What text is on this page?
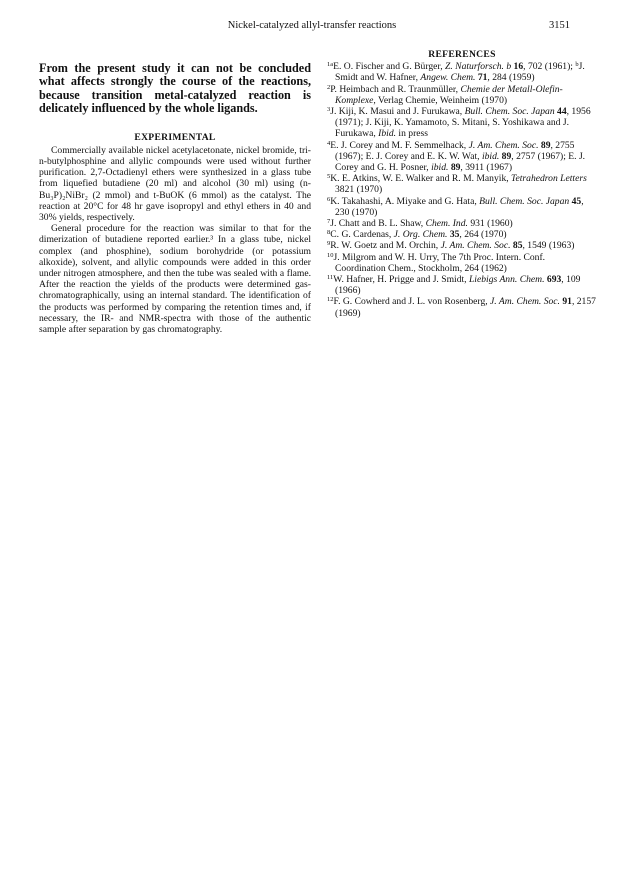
Nickel-catalyzed allyl-transfer reactions	3151

From the present study it can not be concluded what affects strongly the course of the reactions, because transition metal-catalyzed reaction is delicately influenced by the whole ligands.

EXPERIMENTAL

Commercially available nickel acetylacetonate, nickel bromide, tri-n-butylphosphine and allylic compounds were used without further purification. 2,7-Octadienyl ethers were synthesized in a glass tube from liquefied butadiene (20 ml) and alcohol (30 ml) using (n-Bu₃P)₂NiBr₂ (2 mmol) and t-BuOK (6 mmol) as the catalyst. The reaction at 20°C for 48 hr gave isopropyl and ethyl ethers in 40 and 30% yields, respectively.

General procedure for the reaction was similar to that for the dimerization of butadiene reported earlier.³ In a glass tube, nickel complex (and phosphine), sodium borohydride (or potassium alkoxide), solvent, and allylic compounds were added in this order under nitrogen atmosphere, and then the tube was sealed with a flame. After the reaction the yields of the products were determined gas-chromatographically, using an internal standard. The identification of the products was performed by comparing the retention times and, if necessary, the IR- and NMR-spectra with those of the authentic sample after separation by gas chromatography.

REFERENCES
$^{1a}$E. O. Fischer and G. Bürger, Z. Naturforsch. b 16, 702 (1961); $^b$J. Smidt and W. Hafner, Angew. Chem. 71, 284 (1959)
$^2$P. Heimbach and R. Traunmüller, Chemie der Metall-Olefin-Komplexe, Verlag Chemie, Weinheim (1970)
$^3$J. Kiji, K. Masui and J. Furukawa, Bull. Chem. Soc. Japan 44, 1956 (1971); J. Kiji, K. Yamamoto, S. Mitani, S. Yoshikawa and J. Furukawa, Ibid. in press
$^4$E. J. Corey and M. F. Semmelhack, J. Am. Chem. Soc. 89, 2755 (1967); E. J. Corey and E. K. W. Wat, ibid. 89, 2757 (1967); E. J. Corey and G. H. Posner, ibid. 89, 3911 (1967)
$^5$K. E. Atkins, W. E. Walker and R. M. Manyik, Tetrahedron Letters 3821 (1970)
$^6$K. Takahashi, A. Miyake and G. Hata, Bull. Chem. Soc. Japan 45, 230 (1970)
$^7$J. Chatt and B. L. Shaw, Chem. Ind. 931 (1960)
$^8$C. G. Cardenas, J. Org. Chem. 35, 264 (1970)
$^9$R. W. Goetz and M. Orchin, J. Am. Chem. Soc. 85, 1549 (1963)
$^{10}$J. Milgrom and W. H. Urry, The 7th Proc. Intern. Conf. Coordination Chem., Stockholm, 264 (1962)
$^{11}$W. Hafner, H. Prigge and J. Smidt, Liebigs Ann. Chem. 693, 109 (1966)
$^{12}$F. G. Cowherd and J. L. von Rosenberg, J. Am. Chem. Soc. 91, 2157 (1969)
